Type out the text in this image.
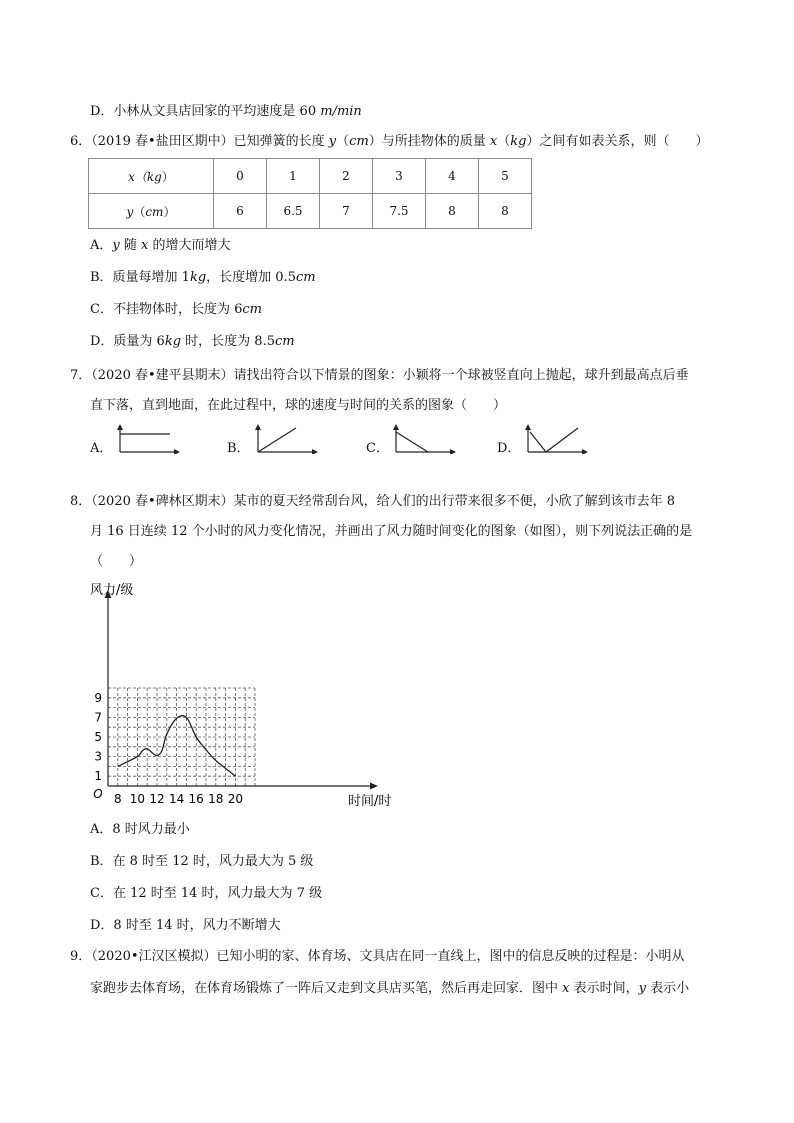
D．小林从文具店回家的平均速度是 60 m/min
6．（2019 春•盐田区期中）已知弹簧的长度 y（cm）与所挂物体的质量 x（kg）之间有如表关系，则（　　）
x（kg）	0	1	2	3	4	5
y（cm）	6	6.5	7	7.5	8	8
A．y 随 x 的增大而增大
B．质量每增加 1kg，长度增加 0.5cm
C．不挂物体时，长度为 6cm
D．质量为 6kg 时，长度为 8.5cm
7．（2020 春•建平县期末）请找出符合以下情景的图象：小颖将一个球被竖直向上抛起，球升到最高点后垂
直下落，直到地面，在此过程中，球的速度与时间的关系的图象（　　）
A．	B．	C．	D．
8．（2020 春•碑林区期末）某市的夏天经常刮台风，给人们的出行带来很多不便，小欣了解到该市去年 8
月 16 日连续 12 个小时的风力变化情况，并画出了风力随时间变化的图象（如图），则下列说法正确的是
（　　）
8 10 12 14 16 18 20
1
3
5
7
9
O
风力/级
时间/时
A．8 时风力最小
B．在 8 时至 12 时，风力最大为 5 级
C．在 12 时至 14 时，风力最大为 7 级
D．8 时至 14 时，风力不断增大
9．（2020•江汉区模拟）已知小明的家、体育场、文具店在同一直线上，图中的信息反映的过程是：小明从
家跑步去体育场，在体育场锻炼了一阵后又走到文具店买笔，然后再走回家．图中 x 表示时间，y 表示小
